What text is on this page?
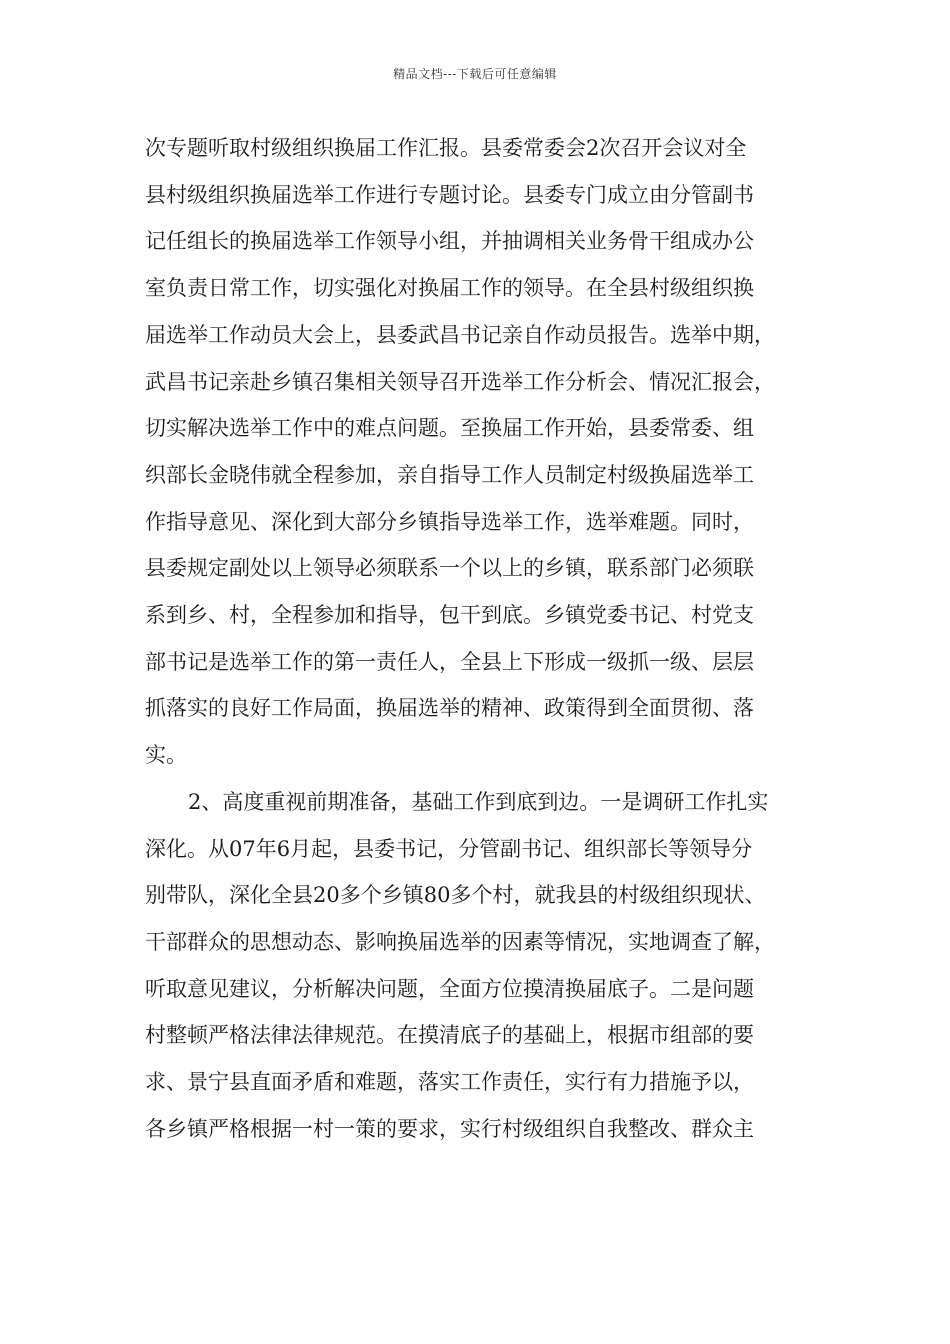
精品文档---下载后可任意编辑
次专题听取村级组织换届工作汇报。县委常委会2次召开会议对全
县村级组织换届选举工作进行专题讨论。县委专门成立由分管副书
记任组长的换届选举工作领导小组，并抽调相关业务骨干组成办公
室负责日常工作，切实强化对换届工作的领导。在全县村级组织换
届选举工作动员大会上，县委武昌书记亲自作动员报告。选举中期，
武昌书记亲赴乡镇召集相关领导召开选举工作分析会、情况汇报会，
切实解决选举工作中的难点问题。至换届工作开始，县委常委、组
织部长金晓伟就全程参加，亲自指导工作人员制定村级换届选举工
作指导意见、深化到大部分乡镇指导选举工作，选举难题。同时，
县委规定副处以上领导必须联系一个以上的乡镇，联系部门必须联
系到乡、村，全程参加和指导，包干到底。乡镇党委书记、村党支
部书记是选举工作的第一责任人，全县上下形成一级抓一级、层层
抓落实的良好工作局面，换届选举的精神、政策得到全面贯彻、落
实。
2、高度重视前期准备，基础工作到底到边。一是调研工作扎实
深化。从07年6月起，县委书记，分管副书记、组织部长等领导分
别带队，深化全县20多个乡镇80多个村，就我县的村级组织现状、
干部群众的思想动态、影响换届选举的因素等情况，实地调查了解，
听取意见建议，分析解决问题，全面方位摸清换届底子。二是问题
村整顿严格法律法律规范。在摸清底子的基础上，根据市组部的要
求、景宁县直面矛盾和难题，落实工作责任，实行有力措施予以，
各乡镇严格根据一村一策的要求，实行村级组织自我整改、群众主
